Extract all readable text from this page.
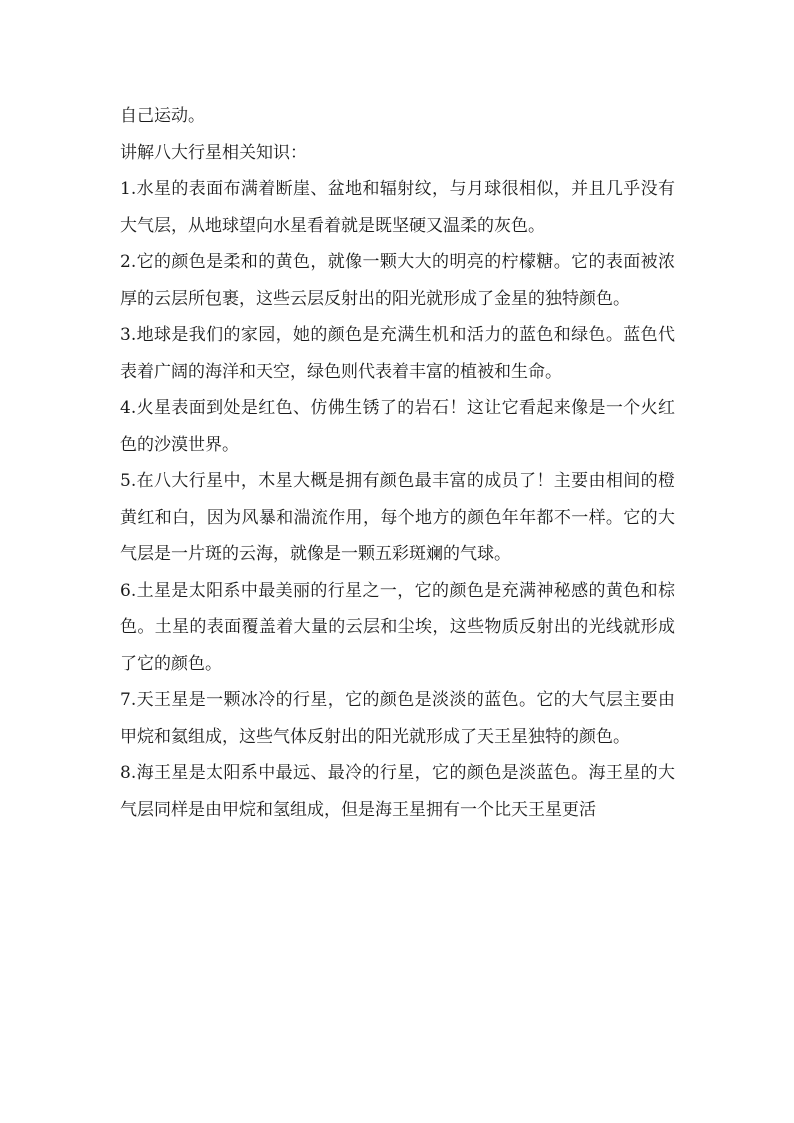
自己运动。

讲解八大行星相关知识：

1.水星的表面布满着断崖、盆地和辐射纹，与月球很相似，并且几乎没有大气层，从地球望向水星看着就是既坚硬又温柔的灰色。

2.它的颜色是柔和的黄色，就像一颗大大的明亮的柠檬糖。它的表面被浓厚的云层所包裹，这些云层反射出的阳光就形成了金星的独特颜色。

3.地球是我们的家园，她的颜色是充满生机和活力的蓝色和绿色。蓝色代表着广阔的海洋和天空，绿色则代表着丰富的植被和生命。

4.火星表面到处是红色、仿佛生锈了的岩石！这让它看起来像是一个火红色的沙漠世界。

5.在八大行星中，木星大概是拥有颜色最丰富的成员了！主要由相间的橙黄红和白，因为风暴和湍流作用，每个地方的颜色年年都不一样。它的大气层是一片斑的云海，就像是一颗五彩斑斓的气球。

6.土星是太阳系中最美丽的行星之一，它的颜色是充满神秘感的黄色和棕色。土星的表面覆盖着大量的云层和尘埃，这些物质反射出的光线就形成了它的颜色。

7.天王星是一颗冰冷的行星，它的颜色是淡淡的蓝色。它的大气层主要由甲烷和氦组成，这些气体反射出的阳光就形成了天王星独特的颜色。

8.海王星是太阳系中最远、最冷的行星，它的颜色是淡蓝色。海王星的大气层同样是由甲烷和氢组成，但是海王星拥有一个比天王星更活
